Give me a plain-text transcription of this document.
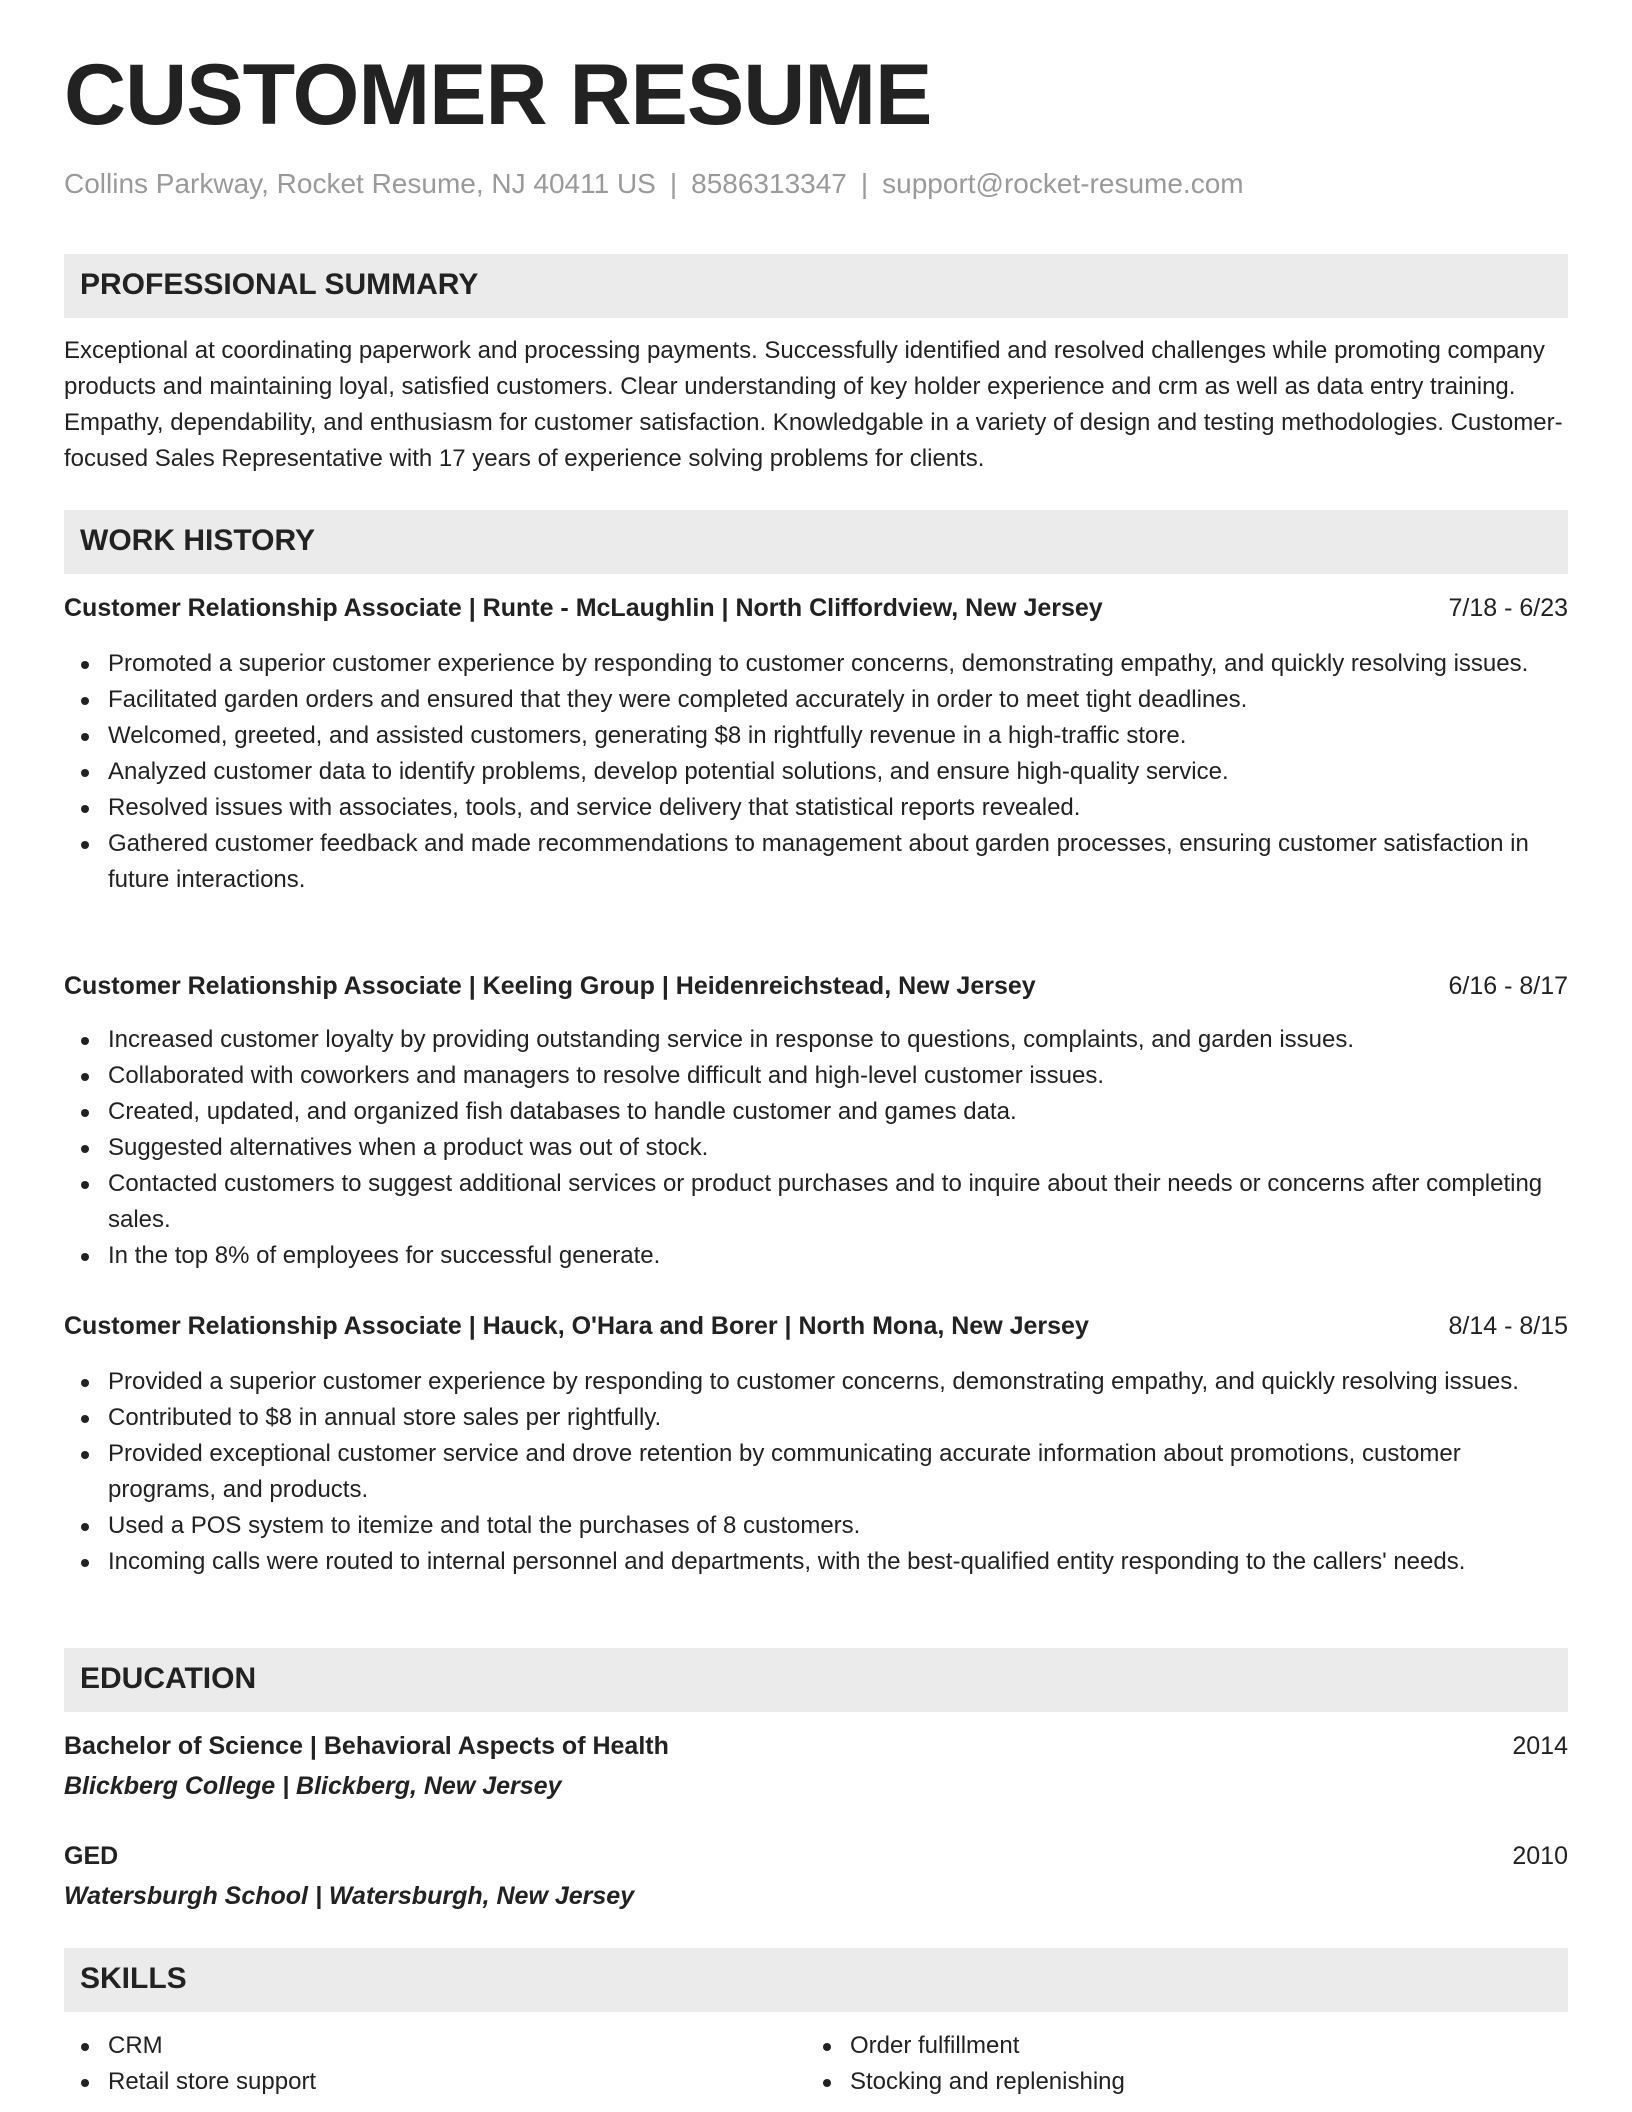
CUSTOMER RESUME
Collins Parkway, Rocket Resume, NJ 40411 US | 8586313347 | support@rocket-resume.com
PROFESSIONAL SUMMARY
Exceptional at coordinating paperwork and processing payments. Successfully identified and resolved challenges while promoting company products and maintaining loyal, satisfied customers. Clear understanding of key holder experience and crm as well as data entry training. Empathy, dependability, and enthusiasm for customer satisfaction. Knowledgable in a variety of design and testing methodologies. Customer-focused Sales Representative with 17 years of experience solving problems for clients.
WORK HISTORY
Customer Relationship Associate | Runte - McLaughlin | North Cliffordview, New Jersey	7/18 - 6/23
Promoted a superior customer experience by responding to customer concerns, demonstrating empathy, and quickly resolving issues.
Facilitated garden orders and ensured that they were completed accurately in order to meet tight deadlines.
Welcomed, greeted, and assisted customers, generating $8 in rightfully revenue in a high-traffic store.
Analyzed customer data to identify problems, develop potential solutions, and ensure high-quality service.
Resolved issues with associates, tools, and service delivery that statistical reports revealed.
Gathered customer feedback and made recommendations to management about garden processes, ensuring customer satisfaction in future interactions.
Customer Relationship Associate | Keeling Group | Heidenreichstead, New Jersey	6/16 - 8/17
Increased customer loyalty by providing outstanding service in response to questions, complaints, and garden issues.
Collaborated with coworkers and managers to resolve difficult and high-level customer issues.
Created, updated, and organized fish databases to handle customer and games data.
Suggested alternatives when a product was out of stock.
Contacted customers to suggest additional services or product purchases and to inquire about their needs or concerns after completing sales.
In the top 8% of employees for successful generate.
Customer Relationship Associate | Hauck, O'Hara and Borer | North Mona, New Jersey	8/14 - 8/15
Provided a superior customer experience by responding to customer concerns, demonstrating empathy, and quickly resolving issues.
Contributed to $8 in annual store sales per rightfully.
Provided exceptional customer service and drove retention by communicating accurate information about promotions, customer programs, and products.
Used a POS system to itemize and total the purchases of 8 customers.
Incoming calls were routed to internal personnel and departments, with the best-qualified entity responding to the callers' needs.
EDUCATION
Bachelor of Science | Behavioral Aspects of Health	2014
Blickberg College | Blickberg, New Jersey
GED	2010
Watersburgh School | Watersburgh, New Jersey
SKILLS
CRM
Retail store support
Order fulfillment
Stocking and replenishing
